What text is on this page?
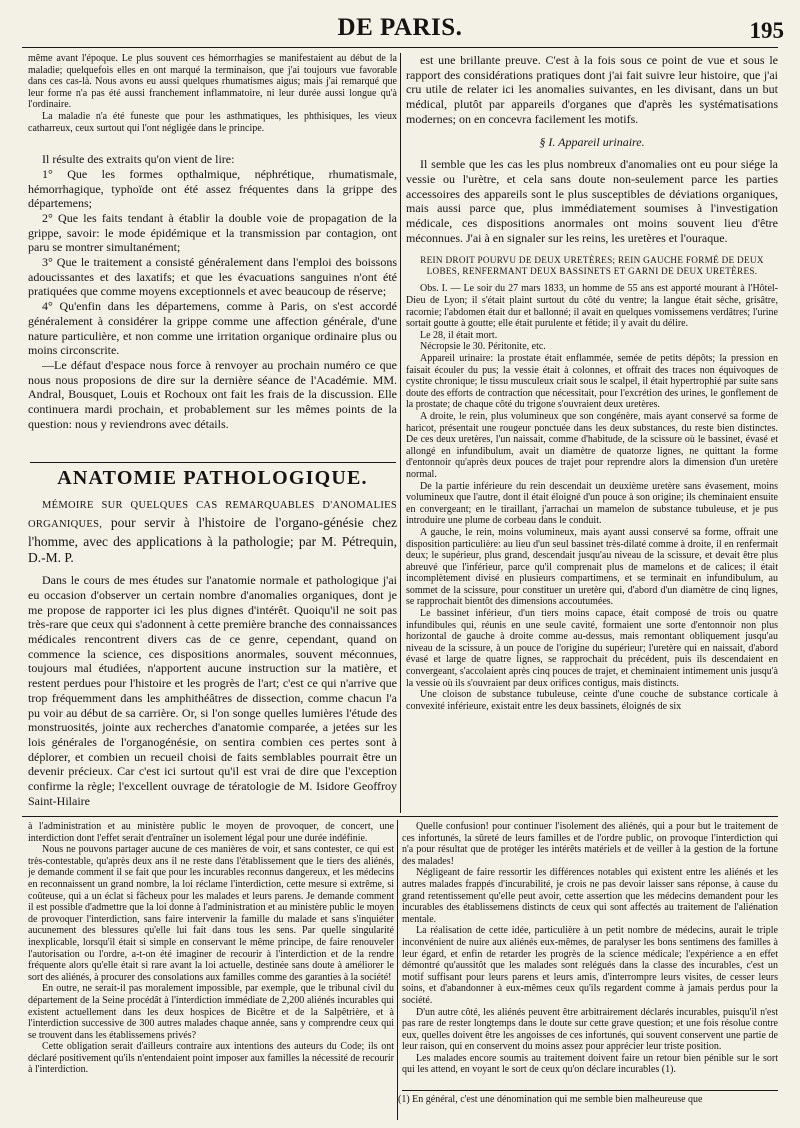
DE PARIS.	195

même avant l'époque. Le plus souvent ces hémorrhagies se manifestaient au début de la maladie; quelquefois elles en ont marqué la terminaison, que j'ai toujours vue favorable dans ces cas-là. Nous avons eu aussi quelques rhumatismes aigus; mais j'ai remarqué que leur forme n'a pas été aussi franchement inflammatoire, ni leur durée aussi longue qu'à l'ordinaire.

La maladie n'a été funeste que pour les asthmatiques, les phthisiques, les vieux catharreux, ceux surtout qui l'ont négligée dans le principe.

Il résulte des extraits qu'on vient de lire:

1° Que les formes opthalmique, néphrétique, rhumatismale, hémorrhagique, typhoïde ont été assez fréquentes dans la grippe des départemens;

2° Que les faits tendant à établir la double voie de propagation de la grippe, savoir: le mode épidémique et la transmission par contagion, ont paru se montrer simultanément;

3° Que le traitement a consisté généralement dans l'emploi des boissons adoucissantes et des laxatifs; et que les évacuations sanguines n'ont été pratiquées que comme moyens exceptionnels et avec beaucoup de réserve;

4° Qu'enfin dans les départemens, comme à Paris, on s'est accordé généralement à considérer la grippe comme une affection générale, d'une nature particulière, et non comme une irritation organique ordinaire plus ou moins circonscrite.

—Le défaut d'espace nous force à renvoyer au prochain numéro ce que nous nous proposions de dire sur la dernière séance de l'Académie. MM. Andral, Bousquet, Louis et Rochoux ont fait les frais de la discussion. Elle continuera mardi prochain, et probablement sur les mêmes points de la question: nous y reviendrons avec détails.

ANATOMIE PATHOLOGIQUE.

MÉMOIRE SUR QUELQUES CAS REMARQUABLES D'ANOMALIES ORGANIQUES, pour servir à l'histoire de l'organo-génésie chez l'homme, avec des applications à la pathologie; par M. Pétrequin, D.-M. P.

Dans le cours de mes études sur l'anatomie normale et pathologique j'ai eu occasion d'observer un certain nombre d'anomalies organiques, dont je me propose de rapporter ici les plus dignes d'intérêt. Quoiqu'il ne soit pas très-rare que ceux qui s'adonnent à cette première branche des connaissances médicales rencontrent divers cas de ce genre, cependant, quand on commence la science, ces dispositions anormales, souvent méconnues, toujours mal étudiées, n'apportent aucune instruction sur la matière, et restent perdues pour l'histoire et les progrès de l'art; c'est ce qui n'arrive que trop fréquemment dans les amphithéâtres de dissection, comme chacun l'a pu voir au début de sa carrière. Or, si l'on songe quelles lumières l'étude des monstruosités, jointe aux recherches d'anatomie comparée, a jetées sur les lois générales de l'organogénésie, on sentira combien ces pertes sont à déplorer, et combien un recueil choisi de faits semblables pourrait être un devenir précieux. Car c'est ici surtout qu'il est vrai de dire que l'exception confirme la règle; l'excellent ouvrage de tératologie de M. Isidore Geoffroy Saint-Hilaire

est une brillante preuve. C'est à la fois sous ce point de vue et sous le rapport des considérations pratiques dont j'ai fait suivre leur histoire, que j'ai cru utile de relater ici les anomalies suivantes, en les divisant, dans un but médical, plutôt par appareils d'organes que d'après les systématisations modernes; on en concevra facilement les motifs.

§ I. Appareil urinaire.

Il semble que les cas les plus nombreux d'anomalies ont eu pour siége la vessie ou l'urètre, et cela sans doute non-seulement parce les parties accessoires des appareils sont le plus susceptibles de déviations organiques, mais aussi parce que, plus immédiatement soumises à l'investigation médicale, ces dispositions anormales ont moins souvent lieu d'être méconnues. J'ai à en signaler sur les reins, les uretères et l'ouraque.

REIN DROIT POURVU DE DEUX URETÈRES; REIN GAUCHE FORMÉ DE DEUX LOBES, RENFERMANT DEUX BASSINETS ET GARNI DE DEUX URETÈRES.

Obs. I. — Le soir du 27 mars 1833, un homme de 55 ans est apporté mourant à l'Hôtel-Dieu de Lyon; il s'était plaint surtout du côté du ventre; la langue était sèche, grisâtre, racornie; l'abdomen était dur et ballonné; il avait en quelques vomissemens verdâtres; l'urine sortait goutte à goutte; elle était purulente et fétide; il y avait du délire.

Le 28, il était mort.

Nécropsie le 30. Péritonite, etc.

Appareil urinaire: la prostate était enflammée, semée de petits dépôts; la pression en faisait écouler du pus; la vessie était à colonnes, et offrait des traces non équivoques de cystite chronique; le tissu musculeux criait sous le scalpel, il était hypertrophié par suite sans doute des efforts de contraction que nécessitait, pour l'excrétion des urines, le gonflement de la prostate; de chaque côté du trigone s'ouvraient deux uretères.

A droite, le rein, plus volumineux que son congénère, mais ayant conservé sa forme de haricot, présentait une rougeur ponctuée dans les deux substances, du reste bien distinctes. De ces deux uretères, l'un naissait, comme d'habitude, de la scissure où le bassinet, évasé et allongé en infundibulum, avait un diamètre de quatorze lignes, ne quittant la forme d'entonnoir qu'après deux pouces de trajet pour reprendre alors la dimension d'un uretère normal.

De la partie inférieure du rein descendait un deuxième uretère sans évasement, moins volumineux que l'autre, dont il était éloigné d'un pouce à son origine; ils cheminaient ensuite en convergeant; en le tiraillant, j'arrachai un mamelon de substance tubuleuse, et je pus introduire une plume de corbeau dans le conduit.

A gauche, le rein, moins volumineux, mais ayant aussi conservé sa forme, offrait une disposition particulière: au lieu d'un seul bassinet très-dilaté comme à droite, il en renfermait deux; le supérieur, plus grand, descendait jusqu'au niveau de la scissure, et devait être plus abreuvé que l'inférieur, parce qu'il comprenait plus de mamelons et de calices; il était incomplètement divisé en plusieurs compartimens, et se terminait en infundibulum, au sommet de la scissure, pour constituer un uretère qui, d'abord d'un diamètre de cinq lignes, se rapprochait bientôt des dimensions accoutumées.

Le bassinet inférieur, d'un tiers moins capace, était composé de trois ou quatre infundibules qui, réunis en une seule cavité, formaient une sorte d'entonnoir non plus horizontal de gauche à droite comme au-dessus, mais remontant obliquement jusqu'au niveau de la scissure, à un pouce de l'origine du supérieur; l'uretère qui en naissait, d'abord évasé et large de quatre lignes, se rapprochait du précédent, puis ils descendaient en convergeant, s'accolaient après cinq pouces de trajet, et cheminaient intimement unis jusqu'à la vessie où ils s'ouvraient par deux orifices contigus, mais distincts.

Une cloison de substance tubuleuse, ceinte d'une couche de substance corticale à convexité inférieure, existait entre les deux bassinets, éloignés de six

à l'administration et au ministère public le moyen de provoquer, de concert, une interdiction dont l'effet serait d'entraîner un isolement légal pour une durée indéfinie.

Nous ne pouvons partager aucune de ces manières de voir, et sans contester, ce qui est très-contestable, qu'après deux ans il ne reste dans l'établissement que le tiers des aliénés, je demande comment il se fait que pour les incurables reconnus dangereux, et les médecins en reconnaissent un grand nombre, la loi réclame l'interdiction, cette mesure si extrême, si coûteuse, qui a un éclat si fâcheux pour les malades et leurs parens. Je demande comment il est possible d'admettre que la loi donne à l'administration et au ministère public le moyen de provoquer l'interdiction, sans faire intervenir la famille du malade et sans s'inquiéter aucunement des blessures qu'elle lui fait dans tous les sens. Par quelle singularité inexplicable, lorsqu'il était si simple en conservant le même principe, de faire renouveler l'autorisation ou l'ordre, a-t-on été imaginer de recourir à l'interdiction et de la rendre fréquente alors qu'elle était si rare avant la loi actuelle, destinée sans doute à améliorer le sort des aliénés, à procurer des consolations aux familles comme des garanties à la société!

En outre, ne serait-il pas moralement impossible, par exemple, que le tribunal civil du département de la Seine procédât à l'interdiction immédiate de 2,200 aliénés incurables qui existent actuellement dans les deux hospices de Bicêtre et de la Salpêtrière, et à l'interdiction successive de 300 autres malades chaque année, sans y comprendre ceux qui se trouvent dans les établissemens privés?

Cette obligation serait d'ailleurs contraire aux intentions des auteurs du Code; ils ont déclaré positivement qu'ils n'entendaient point imposer aux familles la nécessité de recourir à l'interdiction.

Quelle confusion! pour continuer l'isolement des aliénés, qui a pour but le traitement de ces infortunés, la sûreté de leurs familles et de l'ordre public, on provoque l'interdiction qui n'a pour résultat que de protéger les intérêts matériels et de veiller à la gestion de la fortune des malades!

Négligeant de faire ressortir les différences notables qui existent entre les aliénés et les autres malades frappés d'incurabilité, je crois ne pas devoir laisser sans réponse, à cause du grand retentissement qu'elle peut avoir, cette assertion que les médecins demandent pour les incurables des établissemens distincts de ceux qui sont affectés au traitement de l'aliénation mentale.

La réalisation de cette idée, particulière à un petit nombre de médecins, aurait le triple inconvénient de nuire aux aliénés eux-mêmes, de paralyser les bons sentimens des familles à leur égard, et enfin de retarder les progrès de la science médicale; l'expérience a en effet démontré qu'aussitôt que les malades sont relégués dans la classe des incurables, c'est un motif suffisant pour leurs parens et leurs amis, d'interrompre leurs visites, de cesser leurs soins, et d'abandonner à eux-mêmes ceux qu'ils regardent comme à jamais perdus pour la société.

D'un autre côté, les aliénés peuvent être arbitrairement déclarés incurables, puisqu'il n'est pas rare de rester longtemps dans le doute sur cette grave question; et une fois résolue contre eux, quelles doivent être les angoisses de ces infortunés, qui souvent conservent une partie de leur raison, qui en conservent du moins assez pour apprécier leur triste position.

Les malades encore soumis au traitement doivent faire un retour bien pénible sur le sort qui les attend, en voyant le sort de ceux qu'on déclare incurables (1).

(1) En général, c'est une dénomination qui me semble bien malheureuse que
